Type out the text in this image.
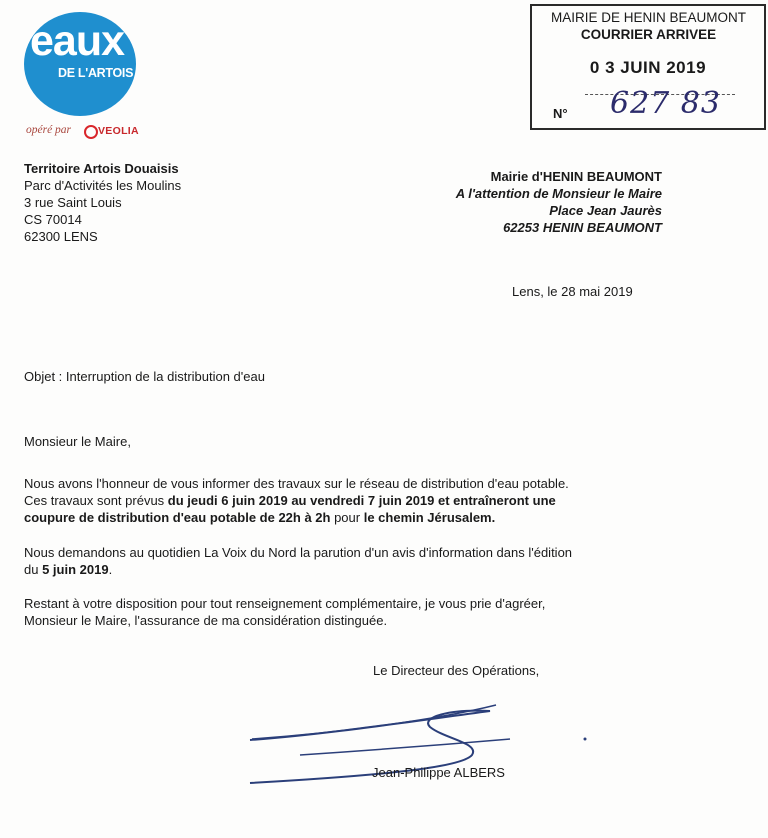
eaux
DE L'ARTOIS
opéré par	VEOLIA
MAIRIE DE HENIN BEAUMONT
COURRIER ARRIVEE
0 3 JUIN 2019
N° 627 83
Territoire Artois Douaisis
Parc d'Activités les Moulins
3 rue Saint Louis
CS 70014
62300 LENS
Mairie d'HENIN BEAUMONT
A l'attention de Monsieur le Maire
Place Jean Jaurès
62253 HENIN BEAUMONT
Lens, le 28 mai 2019
Objet : Interruption de la distribution d'eau
Monsieur le Maire,
Nous avons l'honneur de vous informer des travaux sur le réseau de distribution d'eau potable.
Ces travaux sont prévus du jeudi 6 juin 2019 au vendredi 7 juin 2019 et entraîneront une
coupure de distribution d'eau potable de 22h à 2h pour le chemin Jérusalem.
Nous demandons au quotidien La Voix du Nord la parution d'un avis d'information dans l'édition
du 5 juin 2019.
Restant à votre disposition pour tout renseignement complémentaire, je vous prie d'agréer,
Monsieur le Maire, l'assurance de ma considération distinguée.
Le Directeur des Opérations,
Jean-Philippe ALBERS
